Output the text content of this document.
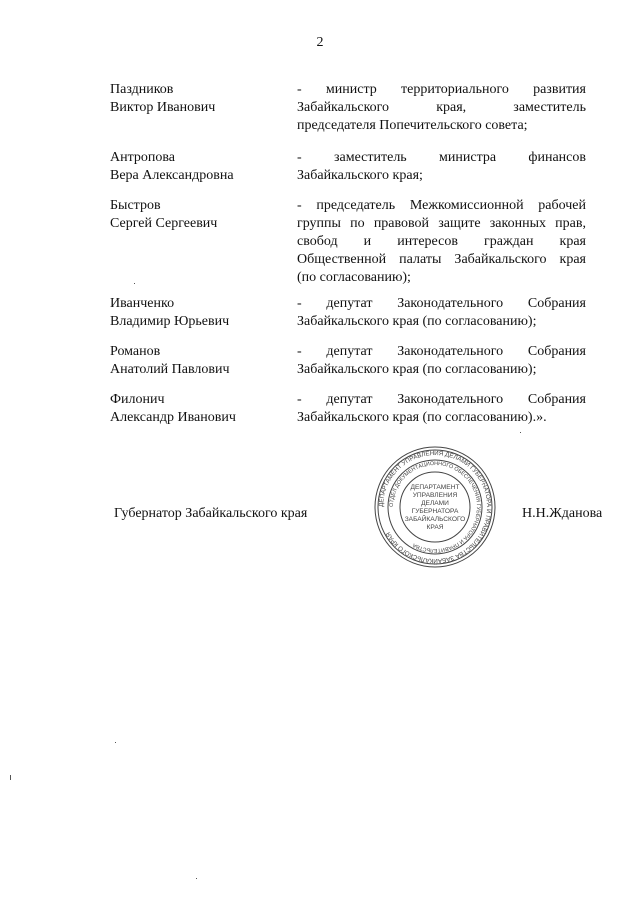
2
Паздников
Виктор Иванович
- министр территориального развития
Забайкальского края, заместитель
председателя Попечительского совета;
Антропова
Вера Александровна
- заместитель министра финансов
Забайкальского края;
Быстров
Сергей Сергеевич
- председатель Межкомиссионной рабочей
группы по правовой защите законных прав,
свобод и интересов граждан края
Общественной палаты Забайкальского края
(по согласованию);
Иванченко
Владимир Юрьевич
- депутат Законодательного Собрания
Забайкальского края (по согласованию);
Романов
Анатолий Павлович
- депутат Законодательного Собрания
Забайкальского края (по согласованию);
Филонич
Александр Иванович
- депутат Законодательного Собрания
Забайкальского края (по согласованию).».
Губернатор Забайкальского края	Н.Н.Жданова
ДЕПАРТАМЕНТ УПРАВЛЕНИЯ ДЕЛАМИ ГУБЕРНАТОРА И ПРАВИТЕЛЬСТВА ЗАБАЙКАЛЬСКОГО КРАЯ
ОТДЕЛ ДОКУМЕНТАЦИОННОГО ОБЕСПЕЧЕНИЯ ГУБЕРНАТОРА И ПРАВИТЕЛЬСТВА
ДЕПАРТАМЕНТ
УПРАВЛЕНИЯ
ДЕЛАМИ
ГУБЕРНАТОРА
ЗАБАЙКАЛЬСКОГО
КРАЯ
